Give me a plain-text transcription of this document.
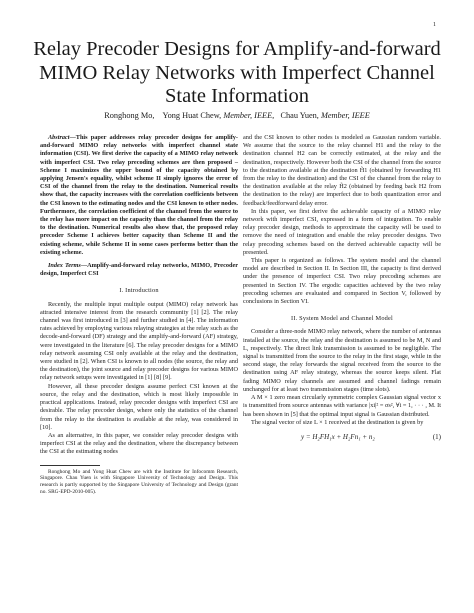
1
Relay Precoder Designs for Amplify-and-forward MIMO Relay Networks with Imperfect Channel State Information
Ronghong Mo, Yong Huat Chew, Member, IEEE, Chau Yuen, Member, IEEE

Abstract—This paper addresses relay precoder designs for amplify-and-forward MIMO relay networks with imperfect channel state information (CSI). We first derive the capacity of a MIMO relay network with imperfect CSI. Two relay precoding schemes are then proposed – Scheme I maximizes the upper bound of the capacity obtained by applying Jensen's equality, whilst scheme II simply ignores the error of CSI of the channel from the relay to the destination. Numerical results show that, the capacity increases with the correlation coefficients between the CSI known to the estimating nodes and the CSI known to other nodes. Furthermore, the correlation coefficient of the channel from the source to the relay has more impact on the capacity than the channel from the relay to the destination. Numerical results also show that, the proposed relay precoder Scheme I achieves better capacity than Scheme II and the existing scheme, while Scheme II in some cases performs better than the existing scheme.

Index Terms—Amplify-and-forward relay networks, MIMO, Precoder design, Imperfect CSI

I. Introduction

Recently, the multiple input multiple output (MIMO) relay network has attracted intensive interest from the research community [1] [2]. The relay channel was first introduced in [3] and further studied in [4]. The information rates achieved by employing various relaying strategies at the relay such as the decode-and-forward (DF) strategy and the amplify-and-forward (AF) strategy, were investigated in the literature [6]. The relay precoder designs for a MIMO relay network assuming CSI only available at the relay and the destination, were studied in [2]. When CSI is known to all nodes (the source, the relay and the destination), the joint source and relay precoder designs for various MIMO relay network setups were investigated in [1] [8] [9].

However, all these precoder designs assume perfect CSI known at the source, the relay and the destination, which is most likely impossible in practical applications. Instead, relay precoder designs with imperfect CSI are desirable. The relay precoder design, where only the statistics of the channel from the relay to the destination is available at the relay, was considered in [10].

As an alternative, in this paper, we consider relay precoder designs with imperfect CSI at the relay and the destination, where the discrepancy between the CSI at the estimating nodes

Ronghong Mo and Yong Huat Chew are with the Institute for Infocomm Research, Singapore. Chau Yuen is with Singapore University of Technology and Design. This research is partly supported by the Singapore University of Technology and Design (grant no. SRG-EPD-2010-005).

and the CSI known to other nodes is modeled as Gaussian random variable. We assume that the source to the relay channel H1 and the relay to the destination channel H2 can be correctly estimated, at the relay and the destination, respectively. However both the CSI of the channel from the source to the destination available at the destination H̃1 (obtained by forwarding H1 from the relay to the destination) and the CSI of the channel from the relay to the destination available at the relay H̃2 (obtained by feeding back H2 from the destination to the relay) are imperfect due to both quantization error and feedback/feedforward delay error.

In this paper, we first derive the achievable capacity of a MIMO relay network with imperfect CSI, expressed in a form of integration. To enable relay precoder design, methods to approximate the capacity will be used to remove the need of integration and enable the relay precoder designs. Two relay precoding schemes based on the derived achievable capacity will be presented.

This paper is organized as follows. The system model and the channel model are described in Section II. In Section III, the capacity is first derived under the presence of imperfect CSI. Two relay precoding schemes are presented in Section IV. The ergodic capacities achieved by the two relay precoding schemes are evaluated and compared in Section V, followed by conclusions in Section VI.

II. System Model and Channel Model

Consider a three-node MIMO relay network, where the number of antennas installed at the source, the relay and the destination is assumed to be M, N and L, respectively. The direct link transmission is assumed to be negligible. The signal is transmitted from the source to the relay in the first stage, while in the second stage, the relay forwards the signal received from the source to the destination using AF relay strategy, whereas the source keeps silent. Flat fading MIMO relay channels are assumed and channel fadings remain unchanged for at least two transmission stages (time slots).

A M × 1 zero mean circularly symmetric complex Gaussian signal vector x is transmitted from source antennas with variance |xi|² = σs², ∀i = 1, · · · , M. It has been shown in [5] that the optimal input signal is Gaussian distributed.

The signal vector of size L × 1 received at the destination is given by

y = H₂FH₁x + H₂Fn₁ + n₂	(1)
